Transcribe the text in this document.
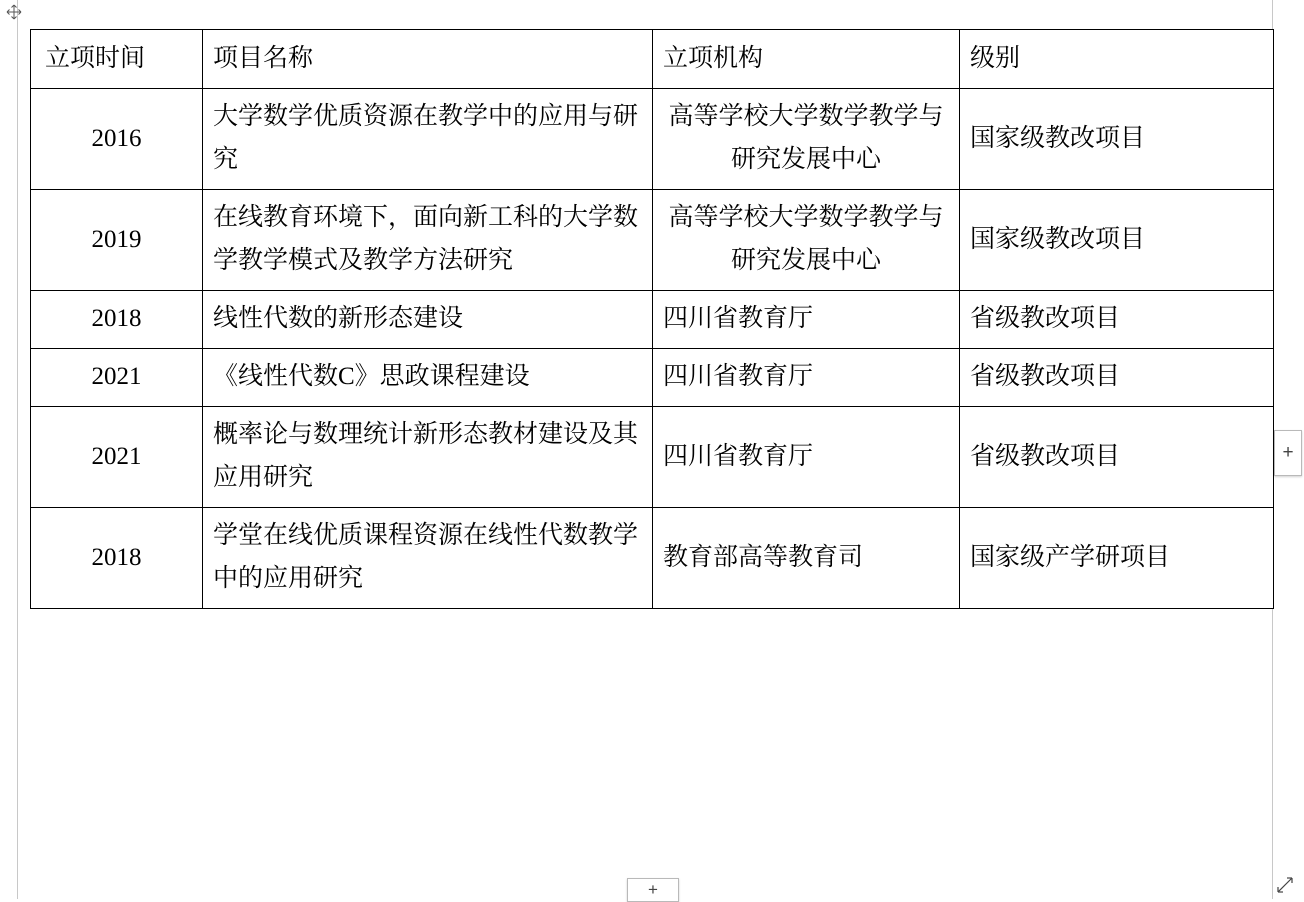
立项时间	项目名称	立项机构	级别
2016	大学数学优质资源在教学中的应用与研究	高等学校大学数学教学与研究发展中心	国家级教改项目
2019	在线教育环境下，面向新工科的大学数学教学模式及教学方法研究	高等学校大学数学教学与研究发展中心	国家级教改项目
2018	线性代数的新形态建设	四川省教育厅	省级教改项目
2021	《线性代数C》思政课程建设	四川省教育厅	省级教改项目
2021	概率论与数理统计新形态教材建设及其应用研究	四川省教育厅	省级教改项目
2018	学堂在线优质课程资源在线性代数教学中的应用研究	教育部高等教育司	国家级产学研项目
+
+
